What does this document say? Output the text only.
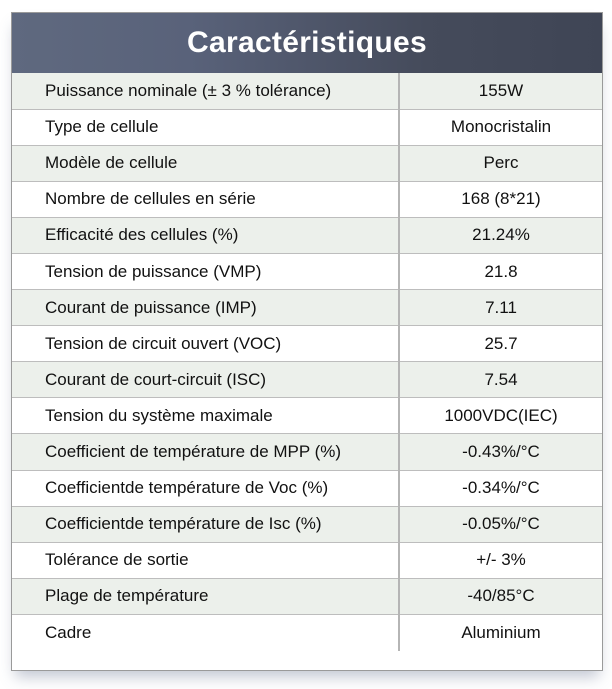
Caractéristiques
Puissance nominale (± 3 % tolérance)	155W
Type de cellule	Monocristalin
Modèle de cellule	Perc
Nombre de cellules en série	168 (8*21)
Efficacité des cellules (%)	21.24%
Tension de puissance (VMP)	21.8
Courant de puissance (IMP)	7.11
Tension de circuit ouvert (VOC)	25.7
Courant de court-circuit (ISC)	7.54
Tension du système maximale	1000VDC(IEC)
Coefficient de température de MPP (%)	-0.43%/°C
Coefficientde température de Voc (%)	-0.34%/°C
Coefficientde température de Isc (%)	-0.05%/°C
Tolérance de sortie	+/- 3%
Plage de température	-40/85°C
Cadre	Aluminium
